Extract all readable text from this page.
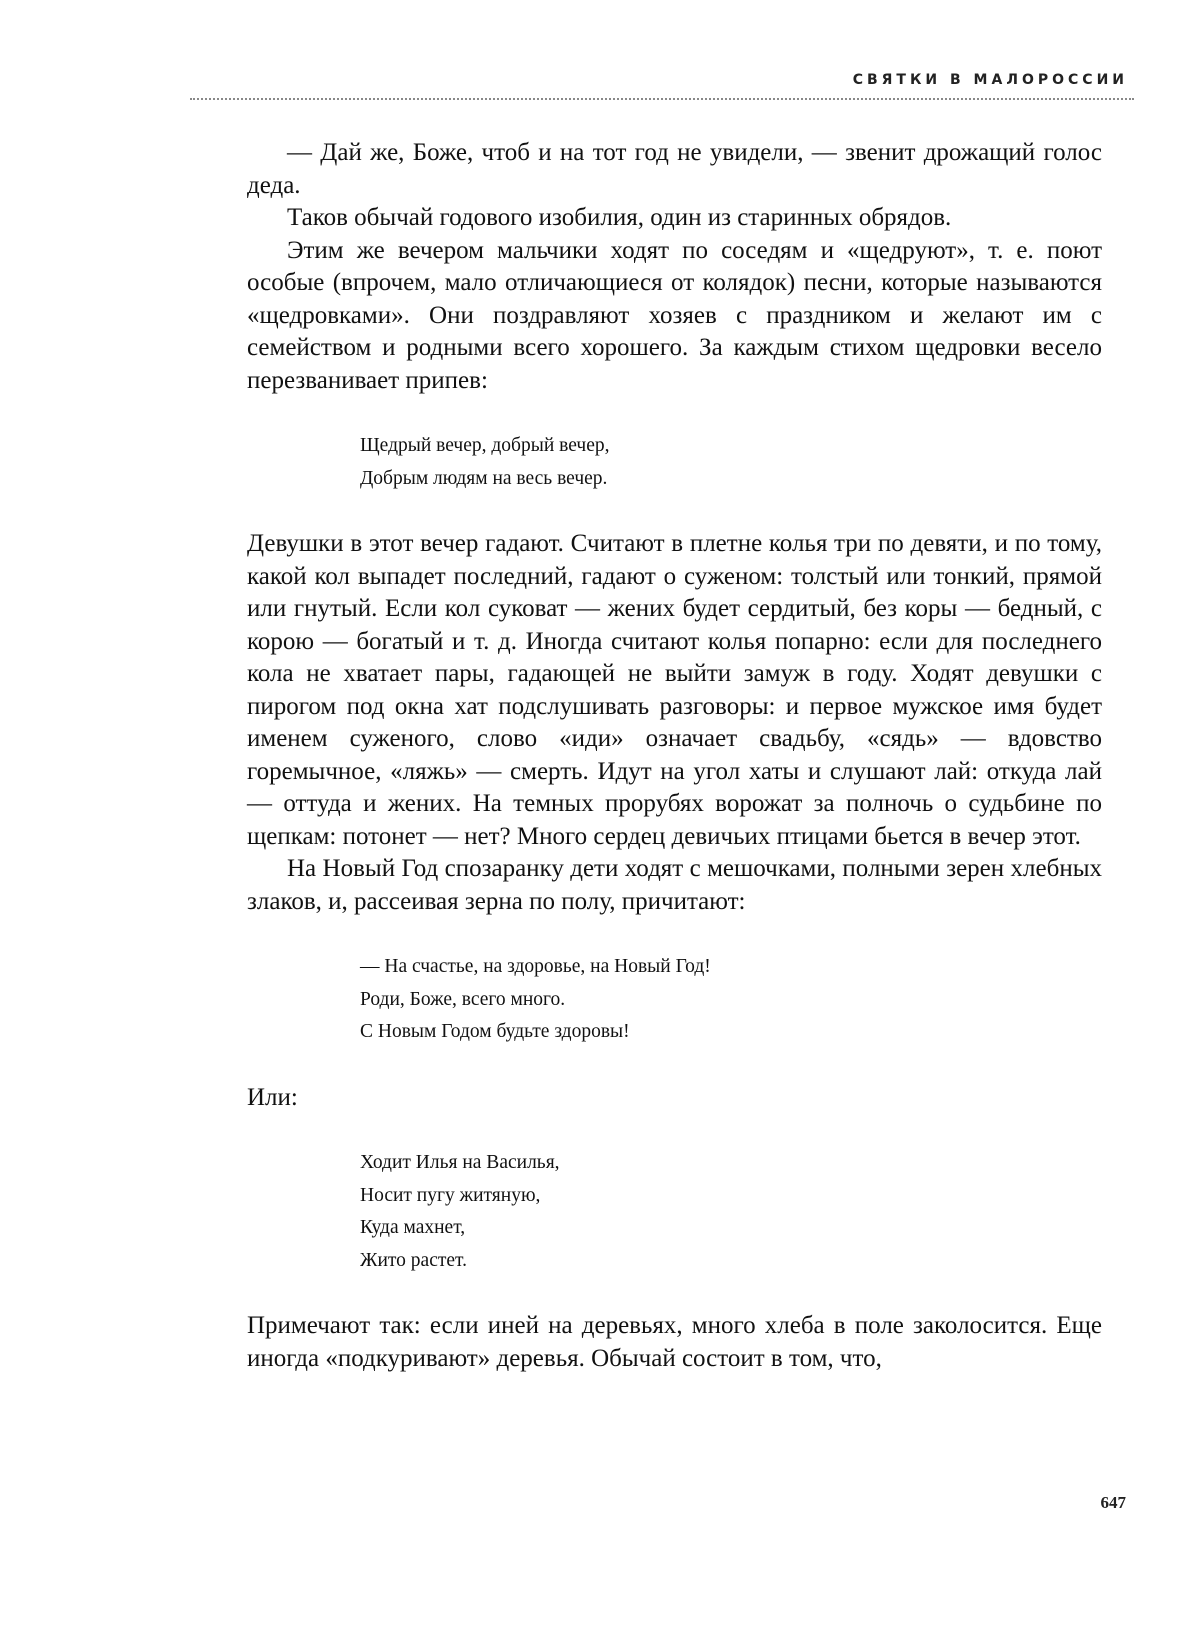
СВЯТКИ В МАЛОРОССИИ

— Дай же, Боже, чтоб и на тот год не увидели, — звенит дрожащий голос деда.

Таков обычай годового изобилия, один из старинных обрядов.

Этим же вечером мальчики ходят по соседям и «щедруют», т. е. поют особые (впрочем, мало отличающиеся от колядок) песни, которые называются «щедровками». Они поздравляют хозяев с праздником и желают им с семейством и родными всего хорошего. За каждым стихом щедровки весело перезванивает припев:

Щедрый вечер, добрый вечер,
Добрым людям на весь вечер.

Девушки в этот вечер гадают. Считают в плетне колья три по девяти, и по тому, какой кол выпадет последний, гадают о суженом: толстый или тонкий, прямой или гнутый. Если кол суковат — жених будет сердитый, без коры — бедный, с корою — богатый и т. д. Иногда считают колья попарно: если для последнего кола не хватает пары, гадающей не выйти замуж в году. Ходят девушки с пирогом под окна хат подслушивать разговоры: и первое мужское имя будет именем суженого, слово «иди» означает свадьбу, «сядь» — вдовство горемычное, «ляжь» — смерть. Идут на угол хаты и слушают лай: откуда лай — оттуда и жених. На темных прорубях ворожат за полночь о судьбине по щепкам: потонет — нет? Много сердец девичьих птицами бьется в вечер этот.

На Новый Год спозаранку дети ходят с мешочками, полными зерен хлебных злаков, и, рассеивая зерна по полу, причитают:

— На счастье, на здоровье, на Новый Год!
Роди, Боже, всего много.
С Новым Годом будьте здоровы!

Или:

Ходит Илья на Василья,
Носит пугу житяную,
Куда махнет,
Жито растет.

Примечают так: если иней на деревьях, много хлеба в поле заколосится. Еще иногда «подкуривают» деревья. Обычай состоит в том, что,

647
